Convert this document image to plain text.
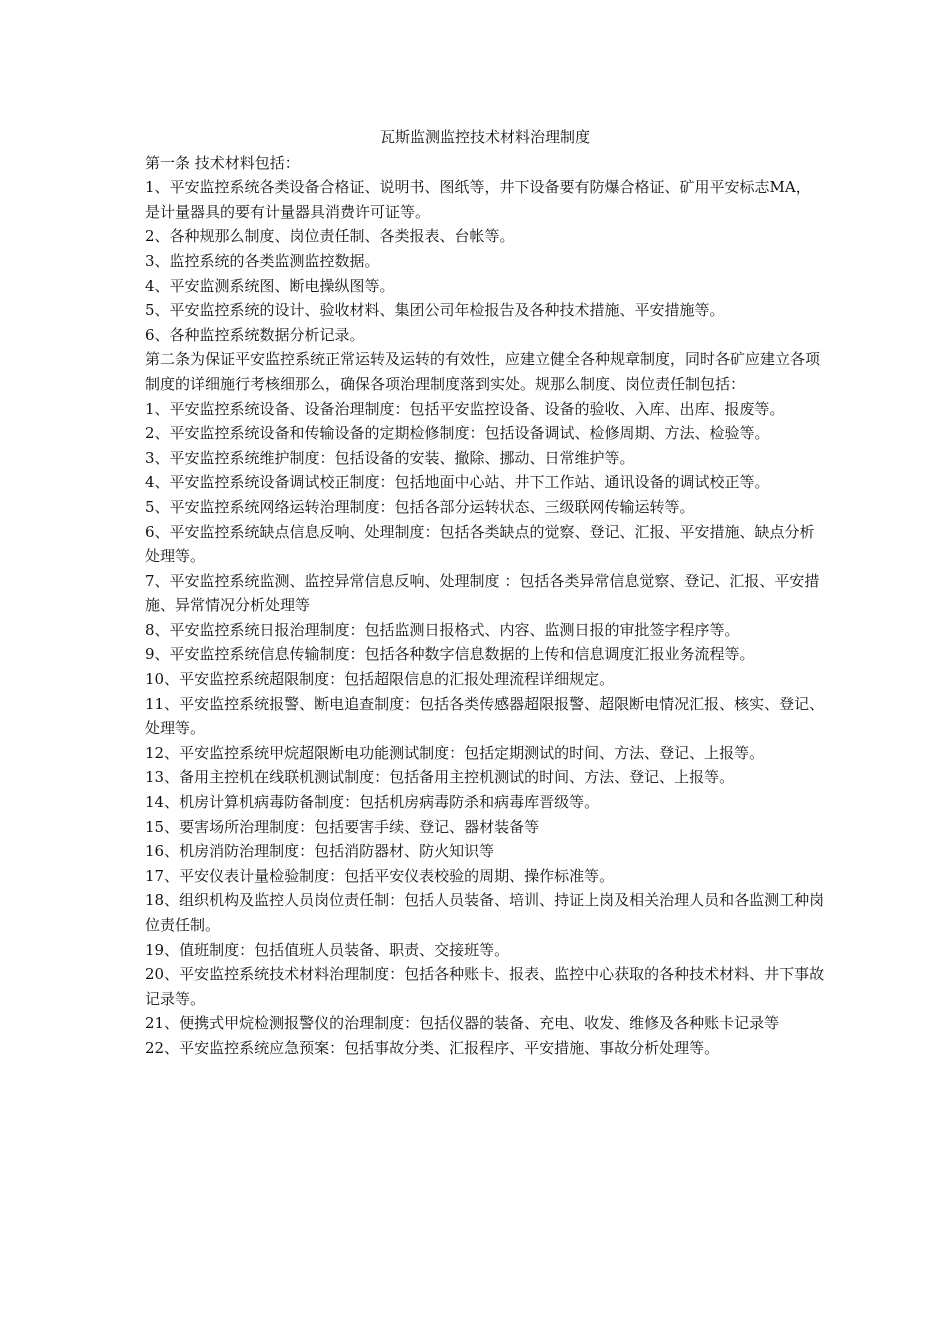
瓦斯监测监控技术材料治理制度

第一条 技术材料包括：

1、平安监控系统各类设备合格证、说明书、图纸等，井下设备要有防爆合格证、矿用平安标志MA，是计量器具的要有计量器具消费许可证等。

2、各种规那么制度、岗位责任制、各类报表、台帐等。

3、监控系统的各类监测监控数据。

4、平安监测系统图、断电操纵图等。

5、平安监控系统的设计、验收材料、集团公司年检报告及各种技术措施、平安措施等。

6、各种监控系统数据分析记录。

第二条为保证平安监控系统正常运转及运转的有效性，应建立健全各种规章制度，同时各矿应建立各项制度的详细施行考核细那么，确保各项治理制度落到实处。规那么制度、岗位责任制包括：

1、平安监控系统设备、设备治理制度：包括平安监控设备、设备的验收、入库、出库、报废等。

2、平安监控系统设备和传输设备的定期检修制度：包括设备调试、检修周期、方法、检验等。

3、平安监控系统维护制度：包括设备的安装、撤除、挪动、日常维护等。

4、平安监控系统设备调试校正制度：包括地面中心站、井下工作站、通讯设备的调试校正等。

5、平安监控系统网络运转治理制度：包括各部分运转状态、三级联网传输运转等。

6、平安监控系统缺点信息反响、处理制度：包括各类缺点的觉察、登记、汇报、平安措施、缺点分析处理等。

7、平安监控系统监测、监控异常信息反响、处理制度 ：包括各类异常信息觉察、登记、汇报、平安措施、异常情况分析处理等

8、平安监控系统日报治理制度：包括监测日报格式、内容、监测日报的审批签字程序等。

9、平安监控系统信息传输制度：包括各种数字信息数据的上传和信息调度汇报业务流程等。

10、平安监控系统超限制度：包括超限信息的汇报处理流程详细规定。

11、平安监控系统报警、断电追查制度：包括各类传感器超限报警、超限断电情况汇报、核实、登记、处理等。

12、平安监控系统甲烷超限断电功能测试制度：包括定期测试的时间、方法、登记、上报等。

13、备用主控机在线联机测试制度：包括备用主控机测试的时间、方法、登记、上报等。

14、机房计算机病毒防备制度：包括机房病毒防杀和病毒库晋级等。

15、要害场所治理制度：包括要害手续、登记、器材装备等

16、机房消防治理制度：包括消防器材、防火知识等

17、平安仪表计量检验制度：包括平安仪表校验的周期、操作标准等。

18、组织机构及监控人员岗位责任制：包括人员装备、培训、持证上岗及相关治理人员和各监测工种岗位责任制。

19、值班制度：包括值班人员装备、职责、交接班等。

20、平安监控系统技术材料治理制度：包括各种账卡、报表、监控中心获取的各种技术材料、井下事故记录等。

21、便携式甲烷检测报警仪的治理制度：包括仪器的装备、充电、收发、维修及各种账卡记录等

22、平安监控系统应急预案：包括事故分类、汇报程序、平安措施、事故分析处理等。
